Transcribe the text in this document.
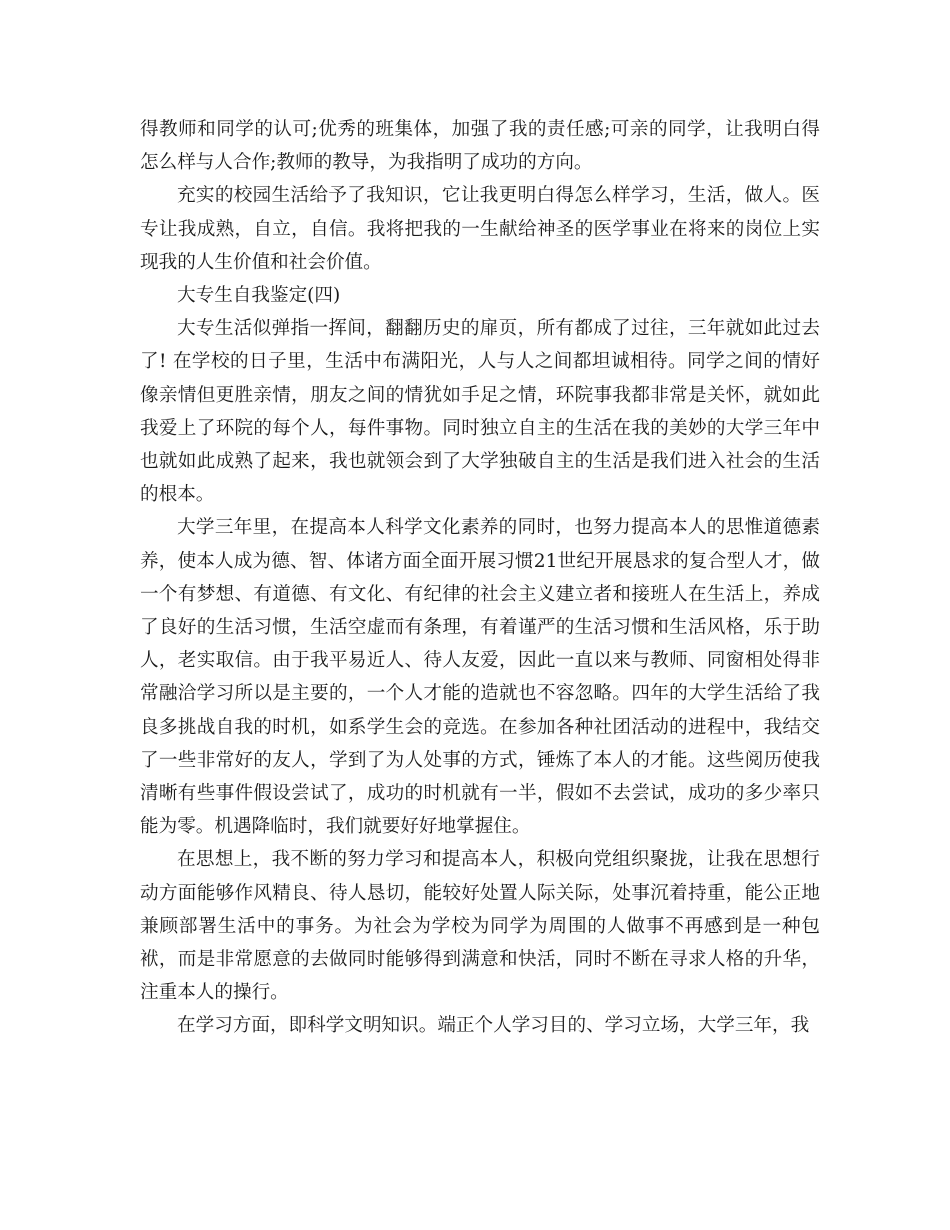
得教师和同学的认可;优秀的班集体，加强了我的责任感;可亲的同学，让我明白得怎么样与人合作;教师的教导，为我指明了成功的方向。

充实的校园生活给予了我知识，它让我更明白得怎么样学习，生活，做人。医专让我成熟，自立，自信。我将把我的一生献给神圣的医学事业在将来的岗位上实现我的人生价值和社会价值。

大专生自我鉴定(四)

大专生活似弹指一挥间，翻翻历史的扉页，所有都成了过往，三年就如此过去了! 在学校的日子里，生活中布满阳光，人与人之间都坦诚相待。同学之间的情好像亲情但更胜亲情，朋友之间的情犹如手足之情，环院事我都非常是关怀，就如此我爱上了环院的每个人，每件事物。同时独立自主的生活在我的美妙的大学三年中也就如此成熟了起来，我也就领会到了大学独破自主的生活是我们进入社会的生活的根本。

大学三年里，在提高本人科学文化素养的同时，也努力提高本人的思惟道德素养，使本人成为德、智、体诸方面全面开展习惯21世纪开展恳求的复合型人才，做一个有梦想、有道德、有文化、有纪律的社会主义建立者和接班人在生活上，养成了良好的生活习惯，生活空虚而有条理，有着谨严的生活习惯和生活风格，乐于助人，老实取信。由于我平易近人、待人友爱，因此一直以来与教师、同窗相处得非常融洽学习所以是主要的，一个人才能的造就也不容忽略。四年的大学生活给了我良多挑战自我的时机，如系学生会的竞选。在参加各种社团活动的进程中，我结交了一些非常好的友人，学到了为人处事的方式，锤炼了本人的才能。这些阅历使我清晰有些事件假设尝试了，成功的时机就有一半，假如不去尝试，成功的多少率只能为零。机遇降临时，我们就要好好地掌握住。

在思想上，我不断的努力学习和提高本人，积极向党组织聚拢，让我在思想行动方面能够作风精良、待人恳切，能较好处置人际关际，处事沉着持重，能公正地兼顾部署生活中的事务。为社会为学校为同学为周围的人做事不再感到是一种包袱，而是非常愿意的去做同时能够得到满意和快活，同时不断在寻求人格的升华，注重本人的操行。

在学习方面，即科学文明知识。端正个人学习目的、学习立场，大学三年，我
